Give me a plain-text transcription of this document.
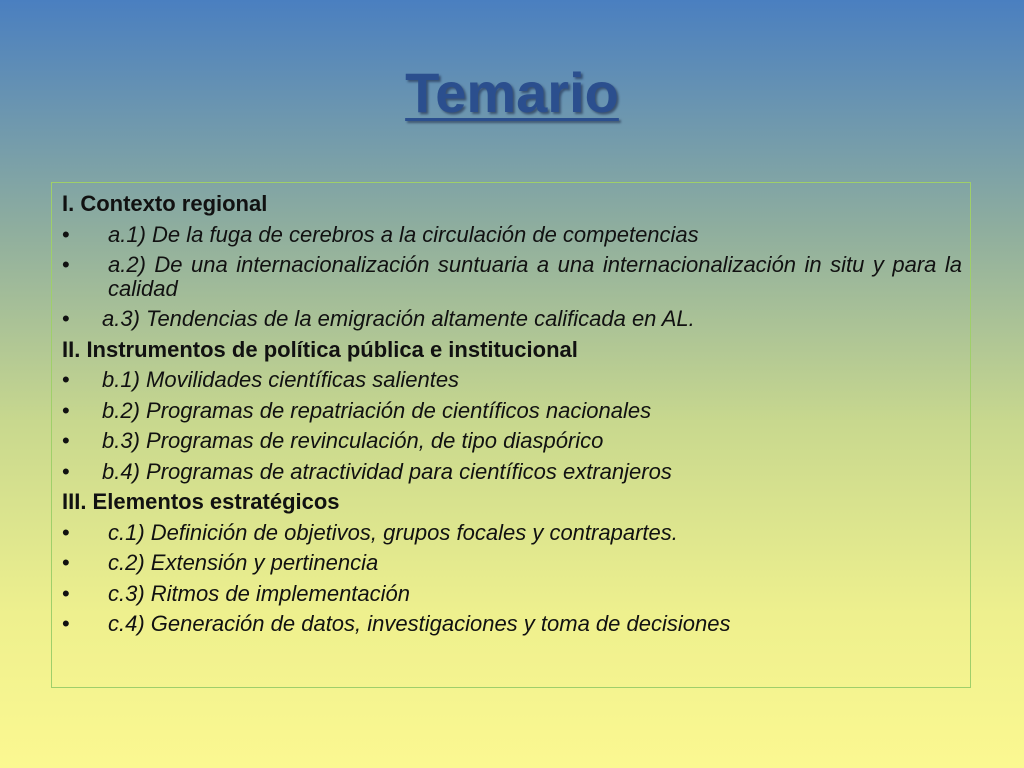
Temario

I. Contexto regional

•	a.1) De la fuga de cerebros a la circulación de competencias

•	a.2) De una internacionalización suntuaria a una internacionalización in situ y para la calidad

•	a.3) Tendencias de la emigración altamente calificada en AL.

II. Instrumentos de política pública e institucional

•	b.1) Movilidades científicas salientes

•	b.2) Programas de repatriación de científicos nacionales

•	b.3) Programas de revinculación, de tipo diaspórico

•	b.4) Programas de atractividad para científicos extranjeros

III. Elementos estratégicos

•	c.1) Definición de objetivos, grupos focales y contrapartes.

•	c.2) Extensión y pertinencia

•	c.3) Ritmos de implementación

•	c.4) Generación de datos, investigaciones y toma de decisiones
